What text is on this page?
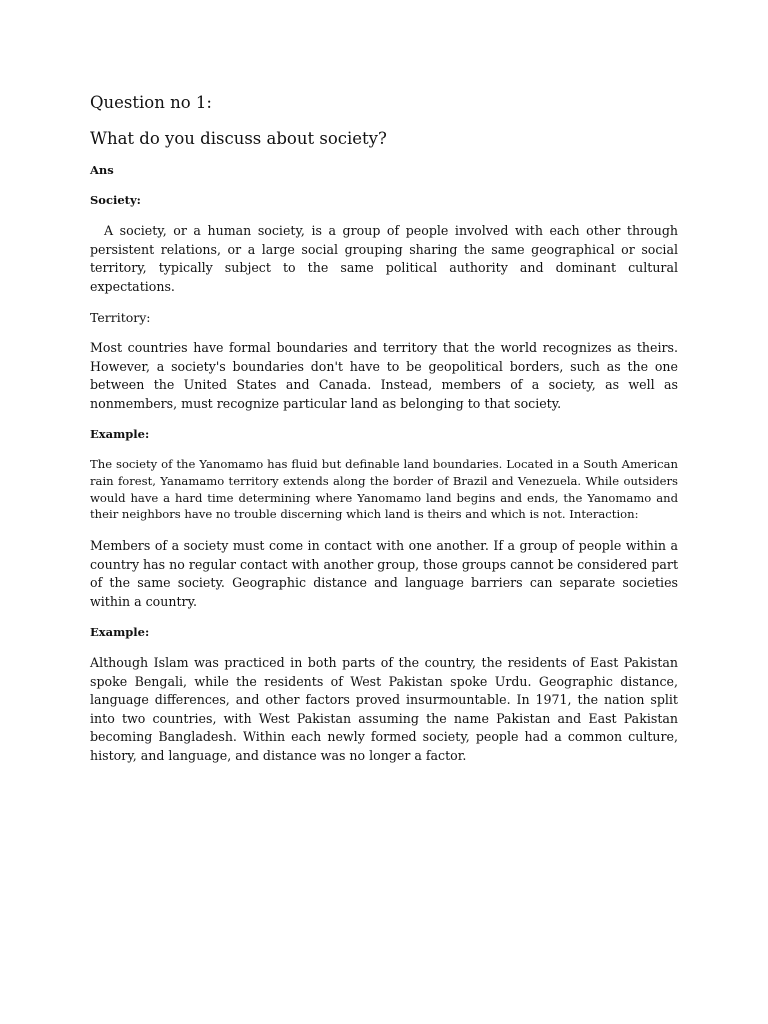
Question no 1:

What do you discuss about society?

Ans

Society:

A society, or a human society, is a group of people involved with each other through persistent relations, or a large social grouping sharing the same geographical or social territory, typically subject to the same political authority and dominant cultural expectations.

Territory:

Most countries have formal boundaries and territory that the world recognizes as theirs. However, a society's boundaries don't have to be geopolitical borders, such as the one between the United States and Canada. Instead, members of a society, as well as nonmembers, must recognize particular land as belonging to that society.

Example:

The society of the Yanomamo has fluid but definable land boundaries. Located in a South American rain forest, Yanamamo territory extends along the border of Brazil and Venezuela. While outsiders would have a hard time determining where Yanomamo land begins and ends, the Yanomamo and their neighbors have no trouble discerning which land is theirs and which is not. Interaction:

Members of a society must come in contact with one another. If a group of people within a country has no regular contact with another group, those groups cannot be considered part of the same society. Geographic distance and language barriers can separate societies within a country.

Example:

Although Islam was practiced in both parts of the country, the residents of East Pakistan spoke Bengali, while the residents of West Pakistan spoke Urdu. Geographic distance, language differences, and other factors proved insurmountable. In 1971, the nation split into two countries, with West Pakistan assuming the name Pakistan and East Pakistan becoming Bangladesh. Within each newly formed society, people had a common culture, history, and language, and distance was no longer a factor.
